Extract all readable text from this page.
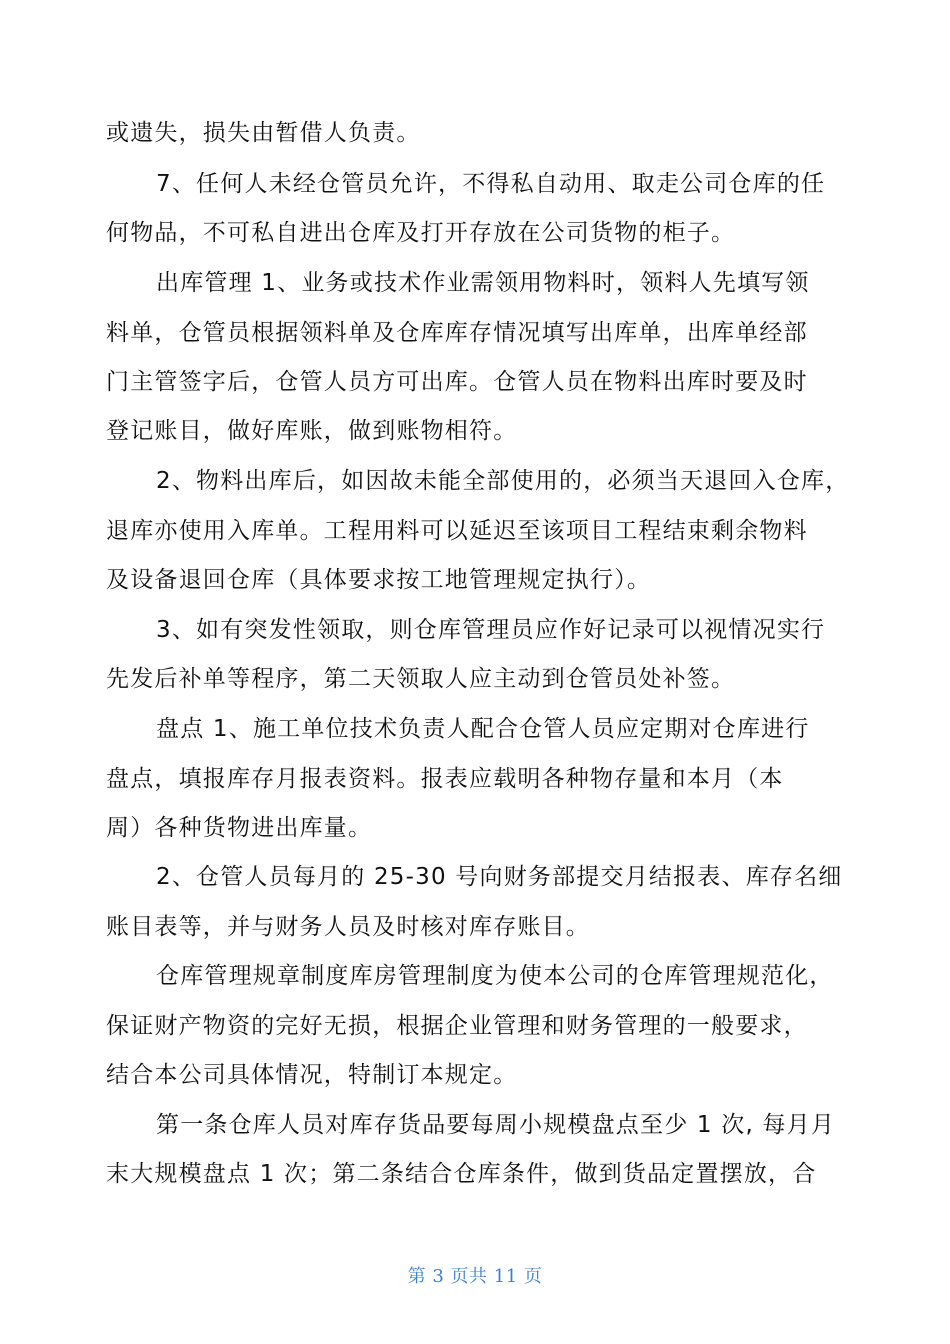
或遗失，损失由暂借人负责。
7、任何人未经仓管员允许，不得私自动用、取走公司仓库的任
何物品，不可私自进出仓库及打开存放在公司货物的柜子。
出库管理 1、业务或技术作业需领用物料时，领料人先填写领
料单，仓管员根据领料单及仓库库存情况填写出库单，出库单经部
门主管签字后，仓管人员方可出库。仓管人员在物料出库时要及时
登记账目，做好库账，做到账物相符。
2、物料出库后，如因故未能全部使用的，必须当天退回入仓库，
退库亦使用入库单。工程用料可以延迟至该项目工程结束剩余物料
及设备退回仓库（具体要求按工地管理规定执行）。
3、如有突发性领取，则仓库管理员应作好记录可以视情况实行
先发后补单等程序，第二天领取人应主动到仓管员处补签。
盘点 1、施工单位技术负责人配合仓管人员应定期对仓库进行
盘点，填报库存月报表资料。报表应载明各种物存量和本月（本
周）各种货物进出库量。
2、仓管人员每月的 25-30 号向财务部提交月结报表、库存名细
账目表等，并与财务人员及时核对库存账目。
仓库管理规章制度库房管理制度为使本公司的仓库管理规范化，
保证财产物资的完好无损，根据企业管理和财务管理的一般要求，
结合本公司具体情况，特制订本规定。
第一条仓库人员对库存货品要每周小规模盘点至少 1 次, 每月月
末大规模盘点 1 次；第二条结合仓库条件，做到货品定置摆放，合
第 3 页共 11 页
